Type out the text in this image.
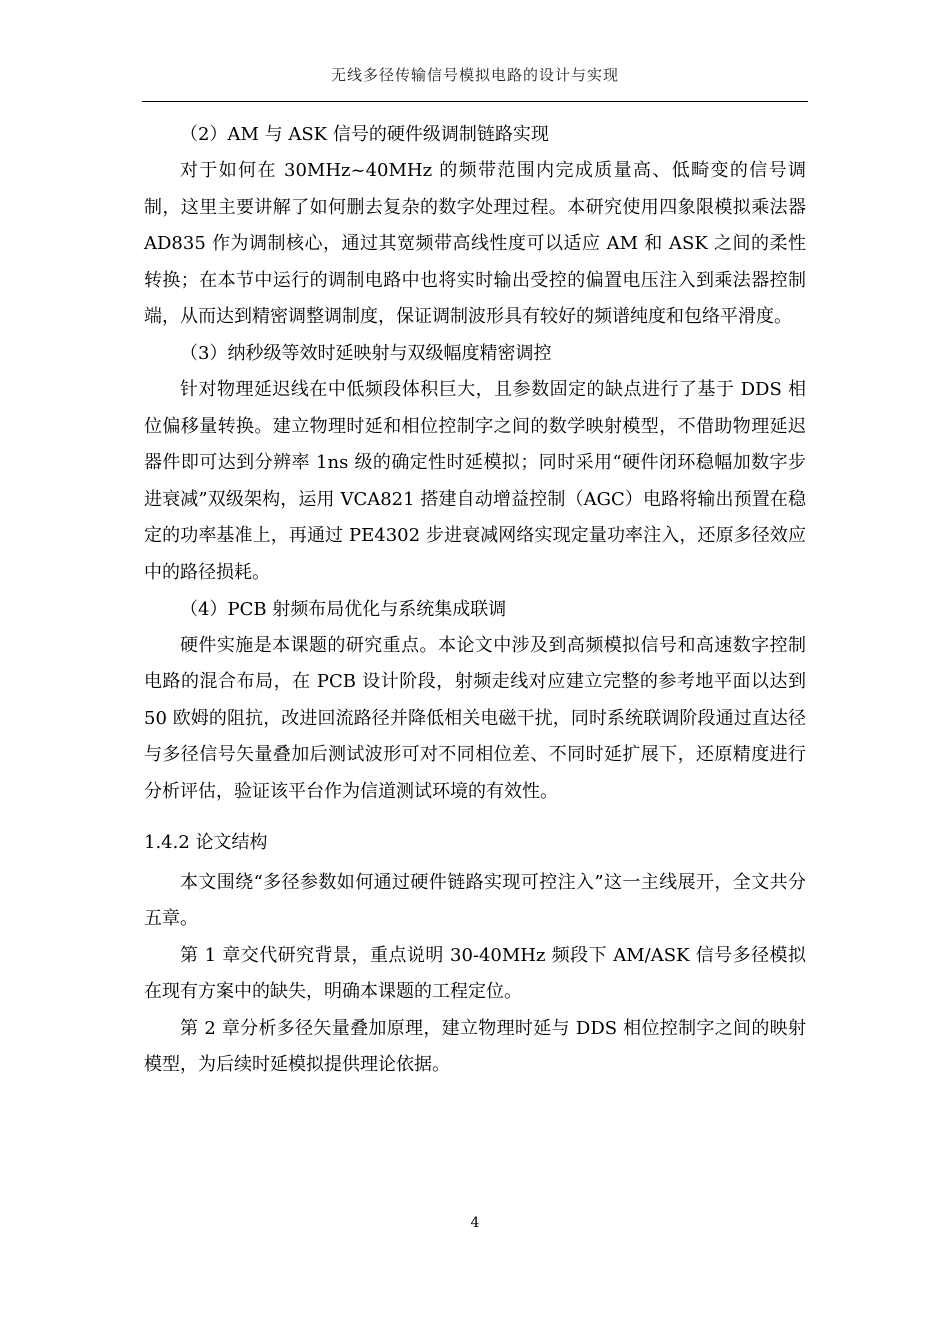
无线多径传输信号模拟电路的设计与实现
（2）AM 与 ASK 信号的硬件级调制链路实现

对于如何在 30MHz~40MHz 的频带范围内完成质量高、低畸变的信号调制，这里主要讲解了如何删去复杂的数字处理过程。本研究使用四象限模拟乘法器 AD835 作为调制核心，通过其宽频带高线性度可以适应 AM 和 ASK 之间的柔性转换；在本节中运行的调制电路中也将实时输出受控的偏置电压注入到乘法器控制端，从而达到精密调整调制度，保证调制波形具有较好的频谱纯度和包络平滑度。

（3）纳秒级等效时延映射与双级幅度精密调控

针对物理延迟线在中低频段体积巨大，且参数固定的缺点进行了基于 DDS 相位偏移量转换。建立物理时延和相位控制字之间的数学映射模型，不借助物理延迟器件即可达到分辨率 1ns 级的确定性时延模拟；同时采用“硬件闭环稳幅加数字步进衰减”双级架构，运用 VCA821 搭建自动增益控制（AGC）电路将输出预置在稳定的功率基准上，再通过 PE4302 步进衰减网络实现定量功率注入，还原多径效应中的路径损耗。

（4）PCB 射频布局优化与系统集成联调

硬件实施是本课题的研究重点。本论文中涉及到高频模拟信号和高速数字控制电路的混合布局，在 PCB 设计阶段，射频走线对应建立完整的参考地平面以达到 50 欧姆的阻抗，改进回流路径并降低相关电磁干扰，同时系统联调阶段通过直达径与多径信号矢量叠加后测试波形可对不同相位差、不同时延扩展下，还原精度进行分析评估，验证该平台作为信道测试环境的有效性。

1.4.2 论文结构

本文围绕“多径参数如何通过硬件链路实现可控注入”这一主线展开，全文共分五章。

第 1 章交代研究背景，重点说明 30-40MHz 频段下 AM/ASK 信号多径模拟在现有方案中的缺失，明确本课题的工程定位。

第 2 章分析多径矢量叠加原理，建立物理时延与 DDS 相位控制字之间的映射模型，为后续时延模拟提供理论依据。

4
